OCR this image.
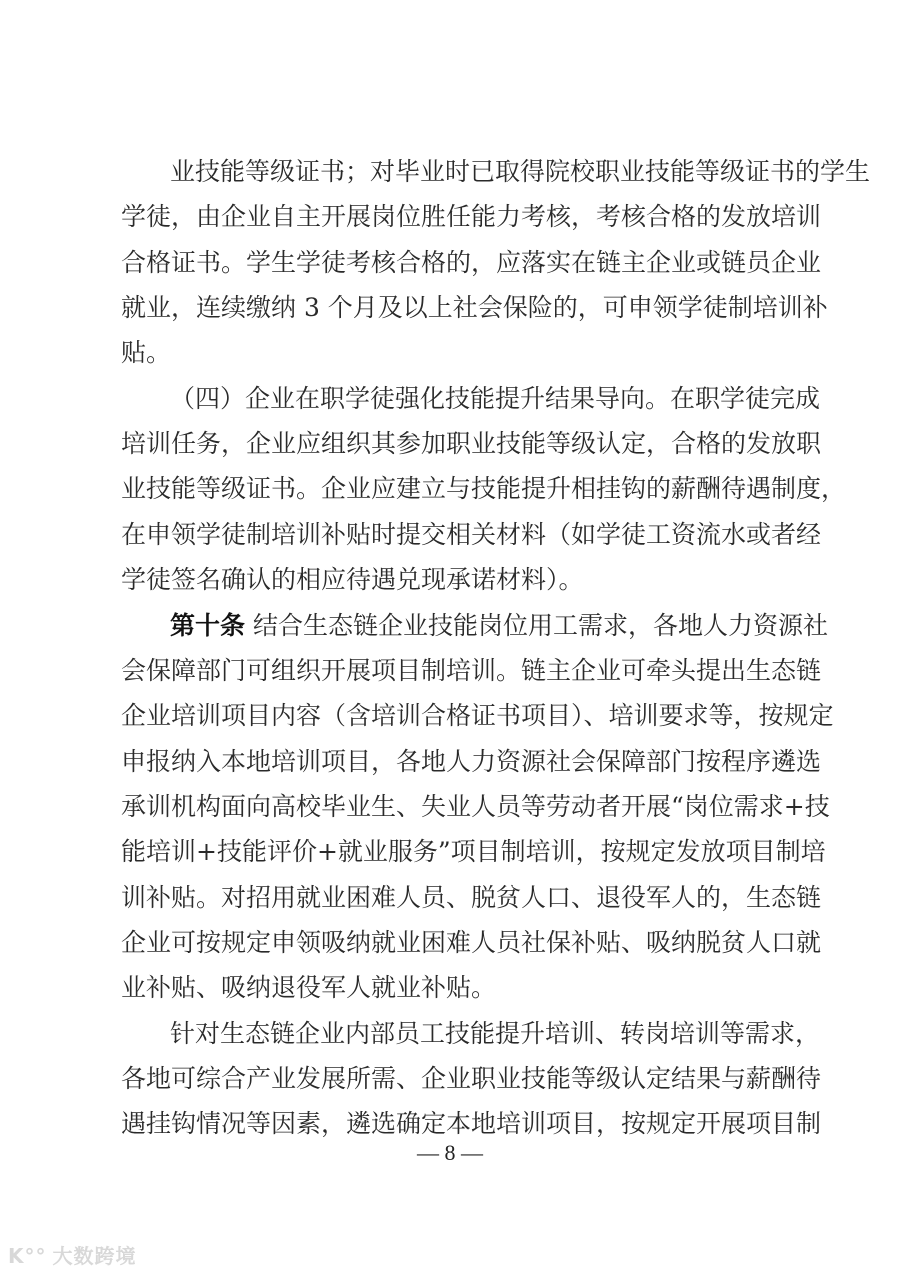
业技能等级证书；对毕业时已取得院校职业技能等级证书的学生
学徒，由企业自主开展岗位胜任能力考核，考核合格的发放培训
合格证书。学生学徒考核合格的，应落实在链主企业或链员企业
就业，连续缴纳 3 个月及以上社会保险的，可申领学徒制培训补
贴。
（四）企业在职学徒强化技能提升结果导向。在职学徒完成
培训任务，企业应组织其参加职业技能等级认定，合格的发放职
业技能等级证书。企业应建立与技能提升相挂钩的薪酬待遇制度，
在申领学徒制培训补贴时提交相关材料（如学徒工资流水或者经
学徒签名确认的相应待遇兑现承诺材料）。
第十条 结合生态链企业技能岗位用工需求，各地人力资源社
会保障部门可组织开展项目制培训。链主企业可牵头提出生态链
企业培训项目内容（含培训合格证书项目）、培训要求等，按规定
申报纳入本地培训项目，各地人力资源社会保障部门按程序遴选
承训机构面向高校毕业生、失业人员等劳动者开展“岗位需求+技
能培训+技能评价+就业服务”项目制培训，按规定发放项目制培
训补贴。对招用就业困难人员、脱贫人口、退役军人的，生态链
企业可按规定申领吸纳就业困难人员社保补贴、吸纳脱贫人口就
业补贴、吸纳退役军人就业补贴。
针对生态链企业内部员工技能提升培训、转岗培训等需求，
各地可综合产业发展所需、企业职业技能等级认定结果与薪酬待
遇挂钩情况等因素，遴选确定本地培训项目，按规定开展项目制
— 8 —
K°° 大数跨境
